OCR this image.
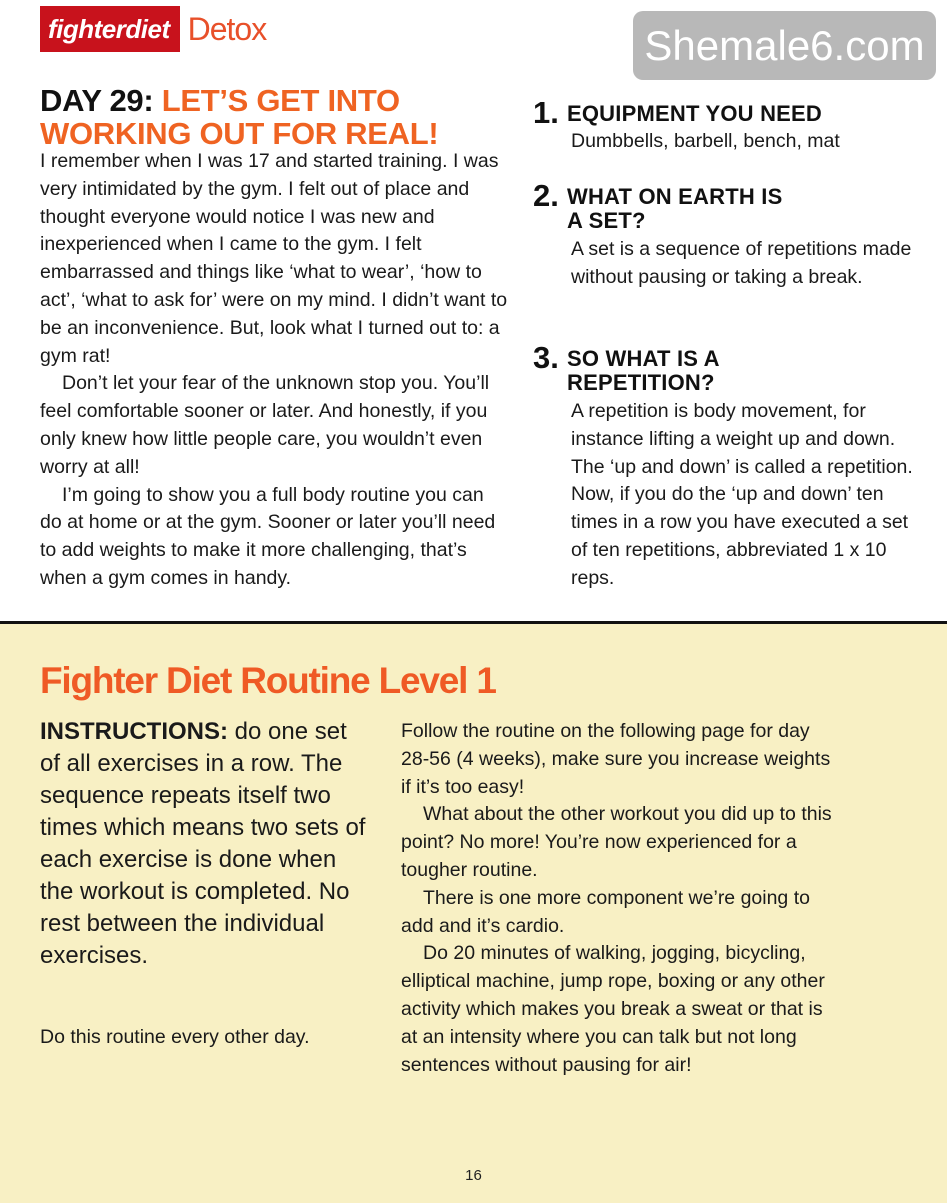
fighterdiet Detox	Shemale6.com
DAY 29: LET’S GET INTO WORKING OUT FOR REAL!

I remember when I was 17 and started training. I was very intimidated by the gym. I felt out of place and thought everyone would notice I was new and inexperienced when I came to the gym. I felt embarrassed and things like ‘what to wear’, ‘how to act’, ‘what to ask for’ were on my mind. I didn’t want to be an inconvenience. But, look what I turned out to: a gym rat!

Don’t let your fear of the unknown stop you. You’ll feel comfortable sooner or later. And honestly, if you only knew how little people care, you wouldn’t even worry at all!

I’m going to show you a full body routine you can do at home or at the gym. Sooner or later you’ll need to add weights to make it more challenging, that’s when a gym comes in handy.

1. EQUIPMENT YOU NEED
Dumbbells, barbell, bench, mat
2. WHAT ON EARTH IS A SET?
A set is a sequence of repetitions made without pausing or taking a break.
3. SO WHAT IS A REPETITION?
A repetition is body movement, for instance lifting a weight up and down. The ‘up and down’ is called a repetition. Now, if you do the ‘up and down’ ten times in a row you have executed a set of ten repetitions, abbreviated 1 x 10 reps.
Fighter Diet Routine Level 1
INSTRUCTIONS: do one set of all exercises in a row. The sequence repeats itself two times which means two sets of each exercise is done when the workout is completed. No rest between the individual exercises.
Do this routine every other day.

Follow the routine on the following page for day 28-56 (4 weeks), make sure you increase weights if it’s too easy!

What about the other workout you did up to this point? No more! You’re now experienced for a tougher routine.

There is one more component we’re going to add and it’s cardio.

Do 20 minutes of walking, jogging, bicycling, elliptical machine, jump rope, boxing or any other activity which makes you break a sweat or that is at an intensity where you can talk but not long sentences without pausing for air!

16
